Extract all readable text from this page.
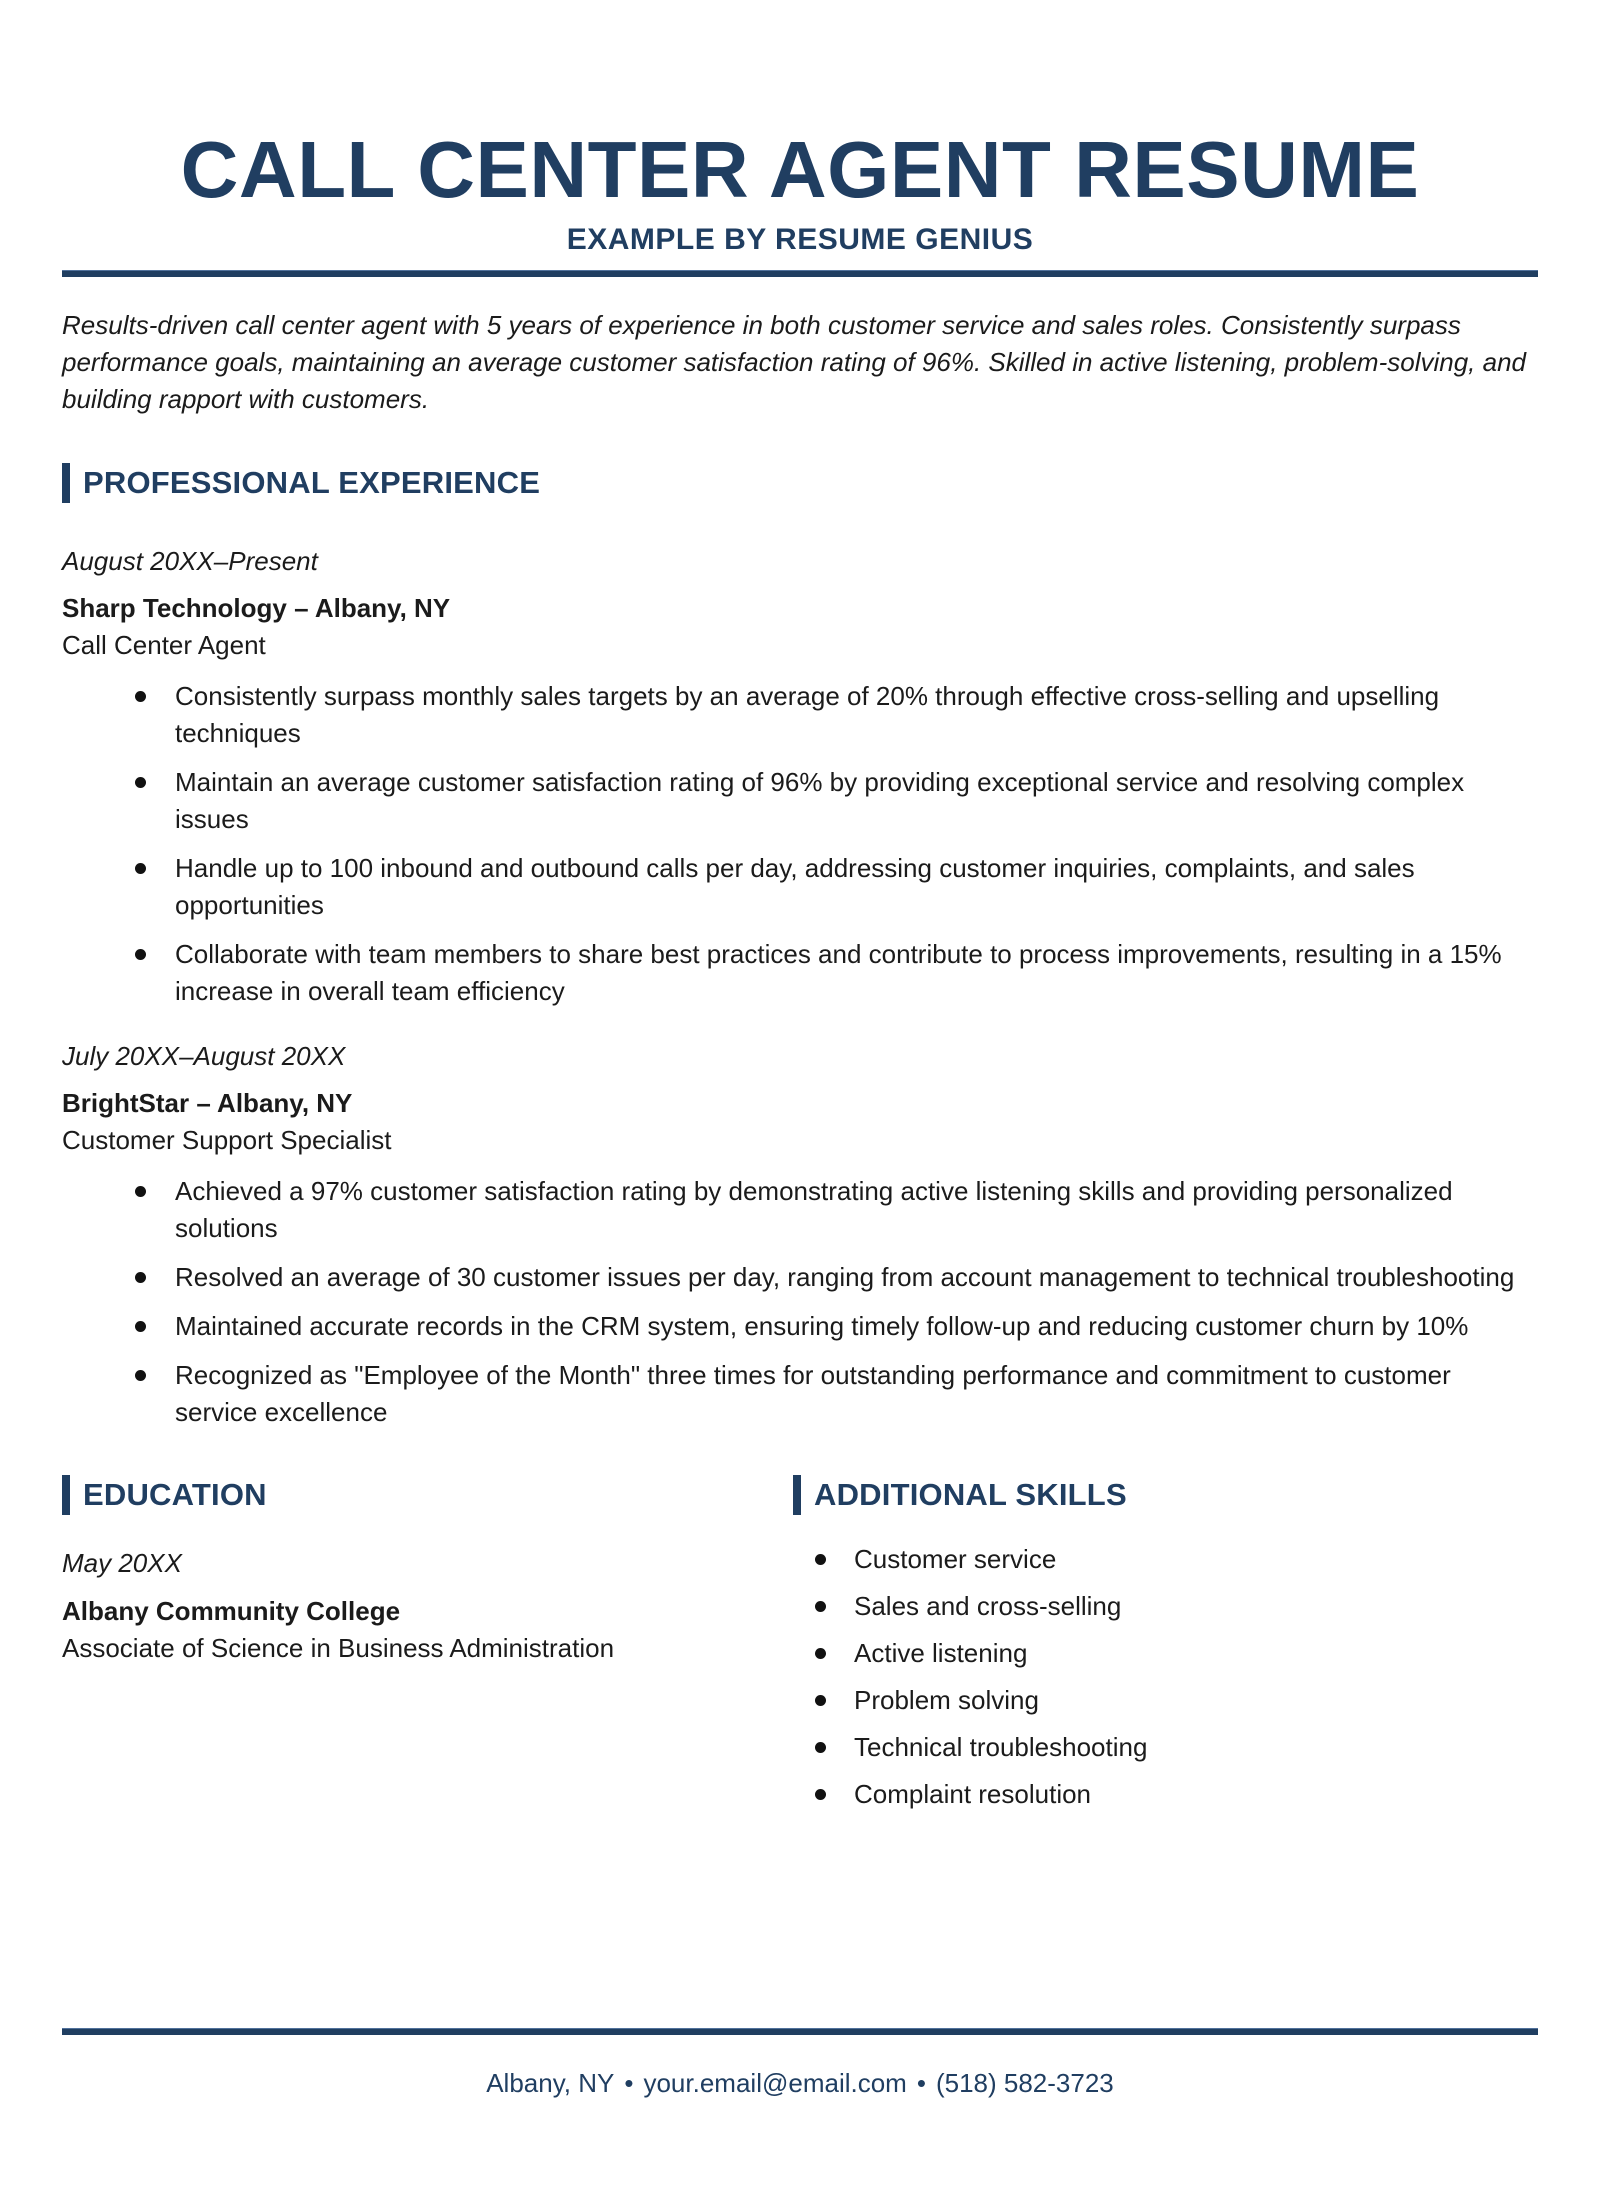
CALL CENTER AGENT RESUME
EXAMPLE BY RESUME GENIUS

Results-driven call center agent with 5 years of experience in both customer service and sales roles. Consistently surpass performance goals, maintaining an average customer satisfaction rating of 96%. Skilled in active listening, problem-solving, and building rapport with customers.

PROFESSIONAL EXPERIENCE
August 20XX–Present
Sharp Technology – Albany, NY
Call Center Agent
Consistently surpass monthly sales targets by an average of 20% through effective cross-selling and upselling techniques
Maintain an average customer satisfaction rating of 96% by providing exceptional service and resolving complex issues
Handle up to 100 inbound and outbound calls per day, addressing customer inquiries, complaints, and sales opportunities
Collaborate with team members to share best practices and contribute to process improvements, resulting in a 15% increase in overall team efficiency
July 20XX–August 20XX
BrightStar – Albany, NY
Customer Support Specialist
Achieved a 97% customer satisfaction rating by demonstrating active listening skills and providing personalized solutions
Resolved an average of 30 customer issues per day, ranging from account management to technical troubleshooting
Maintained accurate records in the CRM system, ensuring timely follow-up and reducing customer churn by 10%
Recognized as "Employee of the Month" three times for outstanding performance and commitment to customer service excellence
EDUCATION
May 20XX
Albany Community College
Associate of Science in Business Administration
ADDITIONAL SKILLS
Customer service
Sales and cross-selling
Active listening
Problem solving
Technical troubleshooting
Complaint resolution
Albany, NY • your.email@email.com • (518) 582-3723
